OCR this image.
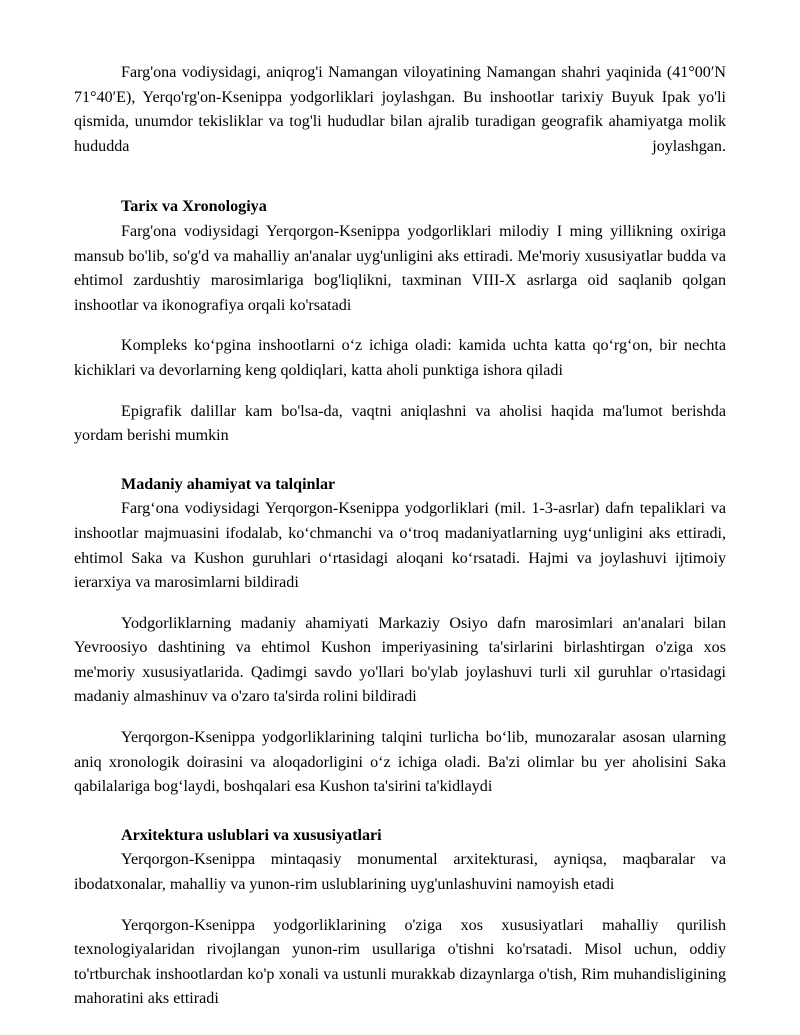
Farg'ona vodiysidagi, aniqrog'i Namangan viloyatining Namangan shahri yaqinida (41°00′N 71°40′E), Yerqo'rg'on-Ksenippa yodgorliklari joylashgan. Bu inshootlar tarixiy Buyuk Ipak yo'li qismida, unumdor tekisliklar va tog'li hududlar bilan ajralib turadigan geografik ahamiyatga molik hududda joylashgan.

Tarix va Xronologiya

Farg'ona vodiysidagi Yerqorgon-Ksenippa yodgorliklari milodiy I ming yillikning oxiriga mansub bo'lib, so'g'd va mahalliy an'analar uyg'unligini aks ettiradi. Me'moriy xususiyatlar budda va ehtimol zardushtiy marosimlariga bog'liqlikni, taxminan VIII-X asrlarga oid saqlanib qolgan inshootlar va ikonografiya orqali ko'rsatadi

Kompleks ko‘pgina inshootlarni o‘z ichiga oladi: kamida uchta katta qo‘rg‘on, bir nechta kichiklari va devorlarning keng qoldiqlari, katta aholi punktiga ishora qiladi

Epigrafik dalillar kam bo'lsa-da, vaqtni aniqlashni va aholisi haqida ma'lumot berishda yordam berishi mumkin

Madaniy ahamiyat va talqinlar

Farg‘ona vodiysidagi Yerqorgon-Ksenippa yodgorliklari (mil. 1-3-asrlar) dafn tepaliklari va inshootlar majmuasini ifodalab, ko‘chmanchi va o‘troq madaniyatlarning uyg‘unligini aks ettiradi, ehtimol Saka va Kushon guruhlari o‘rtasidagi aloqani ko‘rsatadi. Hajmi va joylashuvi ijtimoiy ierarxiya va marosimlarni bildiradi

Yodgorliklarning madaniy ahamiyati Markaziy Osiyo dafn marosimlari an'analari bilan Yevroosiyo dashtining va ehtimol Kushon imperiyasining ta'sirlarini birlashtirgan o'ziga xos me'moriy xususiyatlarida. Qadimgi savdo yo'llari bo'ylab joylashuvi turli xil guruhlar o'rtasidagi madaniy almashinuv va o'zaro ta'sirda rolini bildiradi

Yerqorgon-Ksenippa yodgorliklarining talqini turlicha bo‘lib, munozaralar asosan ularning aniq xronologik doirasini va aloqadorligini o‘z ichiga oladi. Ba'zi olimlar bu yer aholisini Saka qabilalariga bog‘laydi, boshqalari esa Kushon ta'sirini ta'kidlaydi

Arxitektura uslublari va xususiyatlari

Yerqorgon-Ksenippa mintaqasiy monumental arxitekturasi, ayniqsa, maqbaralar va ibodatxonalar, mahalliy va yunon-rim uslublarining uyg'unlashuvini namoyish etadi

Yerqorgon-Ksenippa yodgorliklarining o'ziga xos xususiyatlari mahalliy qurilish texnologiyalaridan rivojlangan yunon-rim usullariga o'tishni ko'rsatadi. Misol uchun, oddiy to'rtburchak inshootlardan ko'p xonali va ustunli murakkab dizaynlarga o'tish, Rim muhandisligining mahoratini aks ettiradi
